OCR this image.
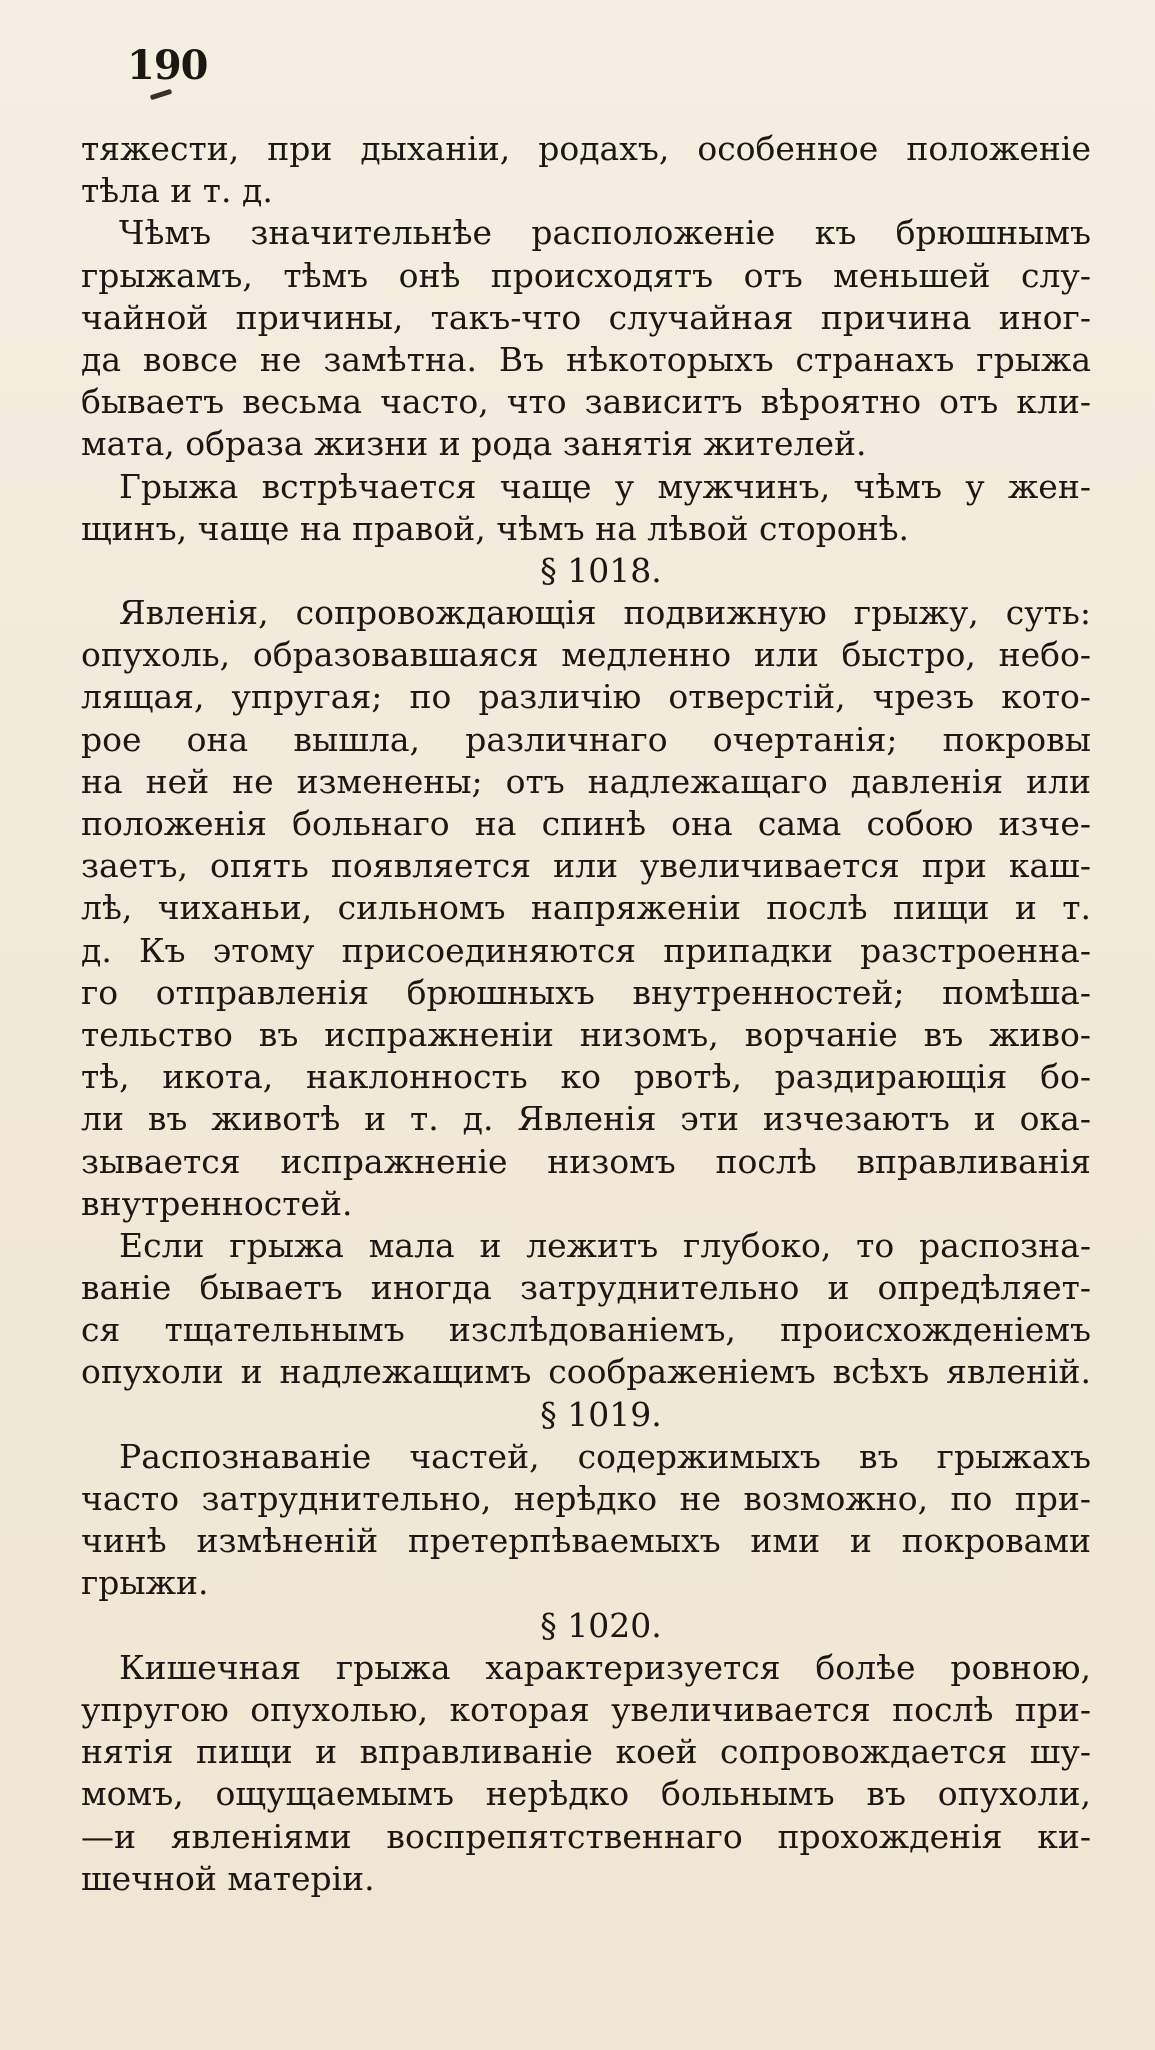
190
тяжести, при дыханіи, родахъ, особенное положеніе
тѣла и т. д.
Чѣмъ значительнѣе расположеніе къ брюшнымъ
грыжамъ, тѣмъ онѣ происходятъ отъ меньшей слу-
чайной причины, такъ-что случайная причина иног-
да вовсе не замѣтна. Въ нѣкоторыхъ странахъ грыжа
бываетъ весьма часто, что зависитъ вѣроятно отъ кли-
мата, образа жизни и рода занятія жителей.
Грыжа встрѣчается чаще у мужчинъ, чѣмъ у жен-
щинъ, чаще на правой, чѣмъ на лѣвой сторонѣ.
§ 1018.
Явленія, сопровождающія подвижную грыжу, суть:
опухоль, образовавшаяся медленно или быстро, небо-
лящая, упругая; по различію отверстій, чрезъ кото-
рое она вышла, различнаго очертанія; покровы
на ней не изменены; отъ надлежащаго давленія или
положенія больнаго на спинѣ она сама собою изче-
заетъ, опять появляется или увеличивается при каш-
лѣ, чиханьи, сильномъ напряженіи послѣ пищи и т.
д. Къ этому присоединяются припадки разстроенна-
го отправленія брюшныхъ внутренностей; помѣша-
тельство въ испражненіи низомъ, ворчаніе въ живо-
тѣ, икота, наклонность ко рвотѣ, раздирающія бо-
ли въ животѣ и т. д. Явленія эти изчезаютъ и ока-
зывается испражненіе низомъ послѣ вправливанія
внутренностей.
Если грыжа мала и лежитъ глубоко, то распозна-
ваніе бываетъ иногда затруднительно и опредѣляет-
ся тщательнымъ изслѣдованіемъ, происхожденіемъ
опухоли и надлежащимъ соображеніемъ всѣхъ явленій.
§ 1019.
Распознаваніе частей, содержимыхъ въ грыжахъ
часто затруднительно, нерѣдко не возможно, по при-
чинѣ измѣненій претерпѣваемыхъ ими и покровами
грыжи.
§ 1020.
Кишечная грыжа характеризуется болѣе ровною,
упругою опухолью, которая увеличивается послѣ при-
нятія пищи и вправливаніе коей сопровождается шу-
момъ, ощущаемымъ нерѣдко больнымъ въ опухоли,
—и явленіями воспрепятственнаго прохожденія ки-
шечной матеріи.
